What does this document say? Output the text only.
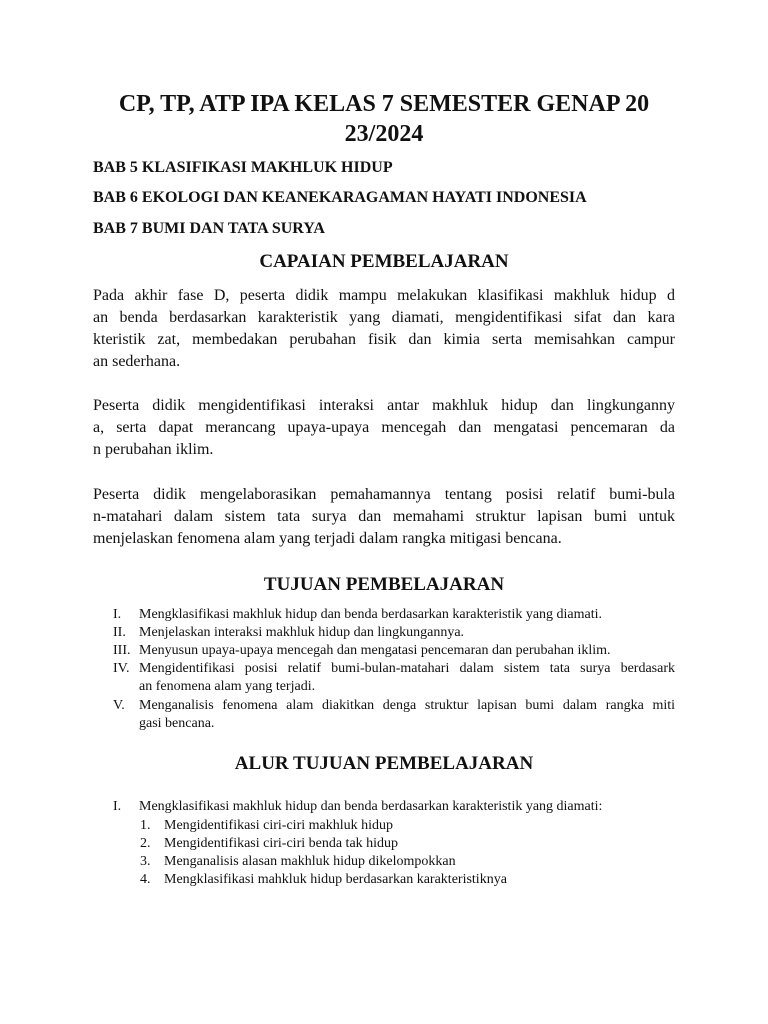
CP, TP, ATP IPA KELAS 7 SEMESTER GENAP 20
23/2024
BAB 5 KLASIFIKASI MAKHLUK HIDUP
BAB 6 EKOLOGI DAN KEANEKARAGAMAN HAYATI INDONESIA
BAB 7 BUMI DAN TATA SURYA
CAPAIAN PEMBELAJARAN
Pada akhir fase D, peserta didik mampu melakukan klasifikasi makhluk hidup d
an benda berdasarkan karakteristik yang diamati, mengidentifikasi sifat dan kara
kteristik zat, membedakan perubahan fisik dan kimia serta memisahkan campur
an sederhana.
Peserta didik mengidentifikasi interaksi antar makhluk hidup dan lingkunganny
a, serta dapat merancang upaya-upaya mencegah dan mengatasi pencemaran da
n perubahan iklim.
Peserta didik mengelaborasikan pemahamannya tentang posisi relatif bumi-bula
n-matahari dalam sistem tata surya dan memahami struktur lapisan bumi untuk
menjelaskan fenomena alam yang terjadi dalam rangka mitigasi bencana.
TUJUAN PEMBELAJARAN
I.	Mengklasifikasi makhluk hidup dan benda berdasarkan karakteristik yang diamati.
II. Menjelaskan interaksi makhluk hidup dan lingkungannya.
III. Menyusun upaya-upaya mencegah dan mengatasi pencemaran dan perubahan iklim.
IV. Mengidentifikasi posisi relatif bumi-bulan-matahari dalam sistem tata surya berdasark
an fenomena alam yang terjadi.
V.	Menganalisis fenomena alam diakitkan denga struktur lapisan bumi dalam rangka miti
gasi bencana.
ALUR TUJUAN PEMBELAJARAN
I.	Mengklasifikasi makhluk hidup dan benda berdasarkan karakteristik yang diamati:
1. Mengidentifikasi ciri-ciri makhluk hidup
2. Mengidentifikasi ciri-ciri benda tak hidup
3. Menganalisis alasan makhluk hidup dikelompokkan
4. Mengklasifikasi mahkluk hidup berdasarkan karakteristiknya
